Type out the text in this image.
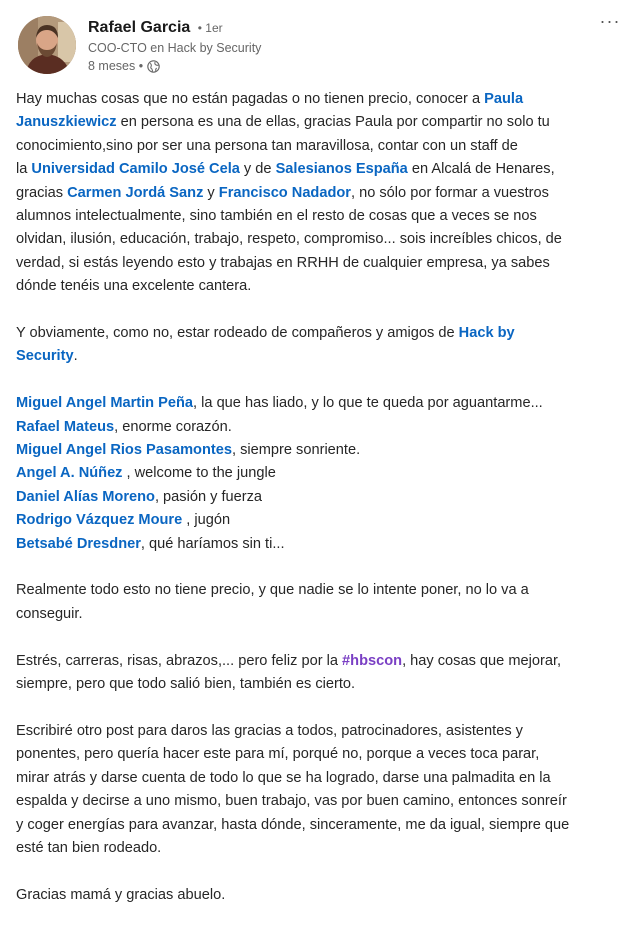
Rafael Garcia • 1er
COO-CTO en Hack by Security
8 meses •
···
Hay muchas cosas que no están pagadas o no tienen precio, conocer a Paula
Januszkiewicz en persona es una de ellas, gracias Paula por compartir no solo tu
conocimiento,sino por ser una persona tan maravillosa, contar con un staff de
la Universidad Camilo José Cela y de Salesianos España en Alcalá de Henares,
gracias Carmen Jordá Sanz y Francisco Nadador, no sólo por formar a vuestros
alumnos intelectualmente, sino también en el resto de cosas que a veces se nos
olvidan, ilusión, educación, trabajo, respeto, compromiso... sois increíbles chicos, de
verdad, si estás leyendo esto y trabajas en RRHH de cualquier empresa, ya sabes
dónde tenéis una excelente cantera.
Y obviamente, como no, estar rodeado de compañeros y amigos de Hack by
Security.
Miguel Angel Martin Peña, la que has liado, y lo que te queda por aguantarme...
Rafael Mateus, enorme corazón.
Miguel Angel Rios Pasamontes, siempre sonriente.
Angel A. Núñez , welcome to the jungle
Daniel Alías Moreno, pasión y fuerza
Rodrigo Vázquez Moure , jugón
Betsabé Dresdner, qué haríamos sin ti...
Realmente todo esto no tiene precio, y que nadie se lo intente poner, no lo va a
conseguir.
Estrés, carreras, risas, abrazos,... pero feliz por la #hbscon, hay cosas que mejorar,
siempre, pero que todo salió bien, también es cierto.
Escribiré otro post para daros las gracias a todos, patrocinadores, asistentes y
ponentes, pero quería hacer este para mí, porqué no, porque a veces toca parar,
mirar atrás y darse cuenta de todo lo que se ha logrado, darse una palmadita en la
espalda y decirse a uno mismo, buen trabajo, vas por buen camino, entonces sonreír
y coger energías para avanzar, hasta dónde, sinceramente, me da igual, siempre que
esté tan bien rodeado.
Gracias mamá y gracias abuelo.
